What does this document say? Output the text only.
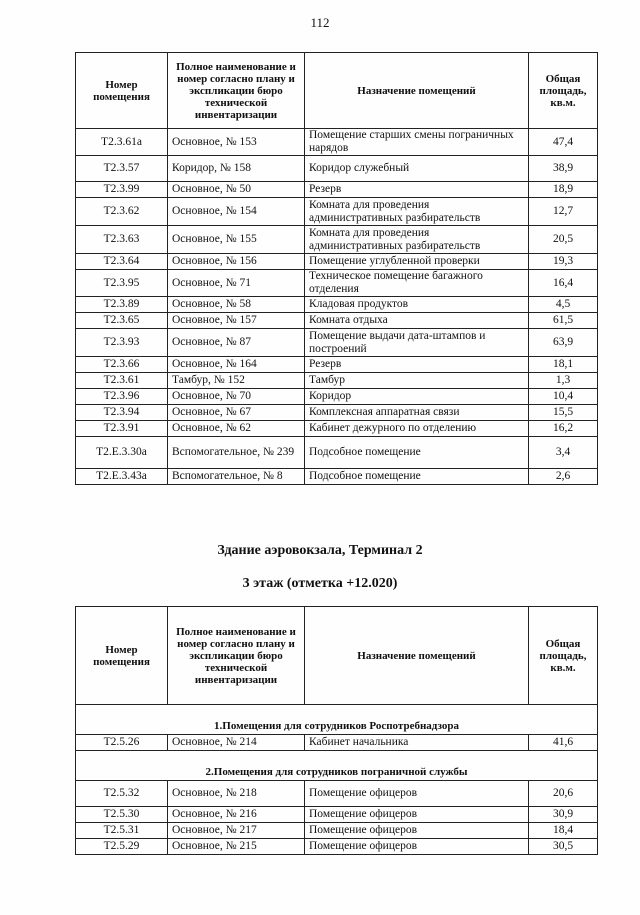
112
Номер помещения	Полное наименование и номер согласно плану и экспликации бюро технической инвентаризации	Назначение помещений	Общая площадь, кв.м.
T2.3.61a	Основное, № 153	Помещение старших смены пограничных нарядов	47,4
T2.3.57	Коридор, № 158	Коридор служебный	38,9
T2.3.99	Основное, № 50	Резерв	18,9
T2.3.62	Основное, № 154	Комната для проведения административных разбирательств	12,7
T2.3.63	Основное, № 155	Комната для проведения административных разбирательств	20,5
T2.3.64	Основное, № 156	Помещение углубленной проверки	19,3
T2.3.95	Основное, № 71	Техническое помещение багажного отделения	16,4
T2.3.89	Основное, № 58	Кладовая продуктов	4,5
T2.3.65	Основное, № 157	Комната отдыха	61,5
T2.3.93	Основное, № 87	Помещение выдачи дата-штампов и построений	63,9
T2.3.66	Основное, № 164	Резерв	18,1
T2.3.61	Тамбур, № 152	Тамбур	1,3
T2.3.96	Основное, № 70	Коридор	10,4
T2.3.94	Основное, № 67	Комплексная аппаратная связи	15,5
T2.3.91	Основное, № 62	Кабинет дежурного по отделению	16,2
T2.E.3.30a	Вспомогательное, № 239	Подсобное помещение	3,4
T2.E.3.43a	Вспомогательное, № 8	Подсобное помещение	2,6
Здание аэровокзала, Терминал 2
3 этаж (отметка +12.020)
Номер помещения	Полное наименование и номер согласно плану и экспликации бюро технической инвентаризации	Назначение помещений	Общая площадь, кв.м.
1.Помещения для сотрудников Роспотребнадзора			
T2.5.26	Основное, № 214	Кабинет начальника	41,6
2.Помещения для сотрудников пограничной службы			
T2.5.32	Основное, № 218	Помещение офицеров	20,6
T2.5.30	Основное, № 216	Помещение офицеров	30,9
T2.5.31	Основное, № 217	Помещение офицеров	18,4
T2.5.29	Основное, № 215	Помещение офицеров	30,5
